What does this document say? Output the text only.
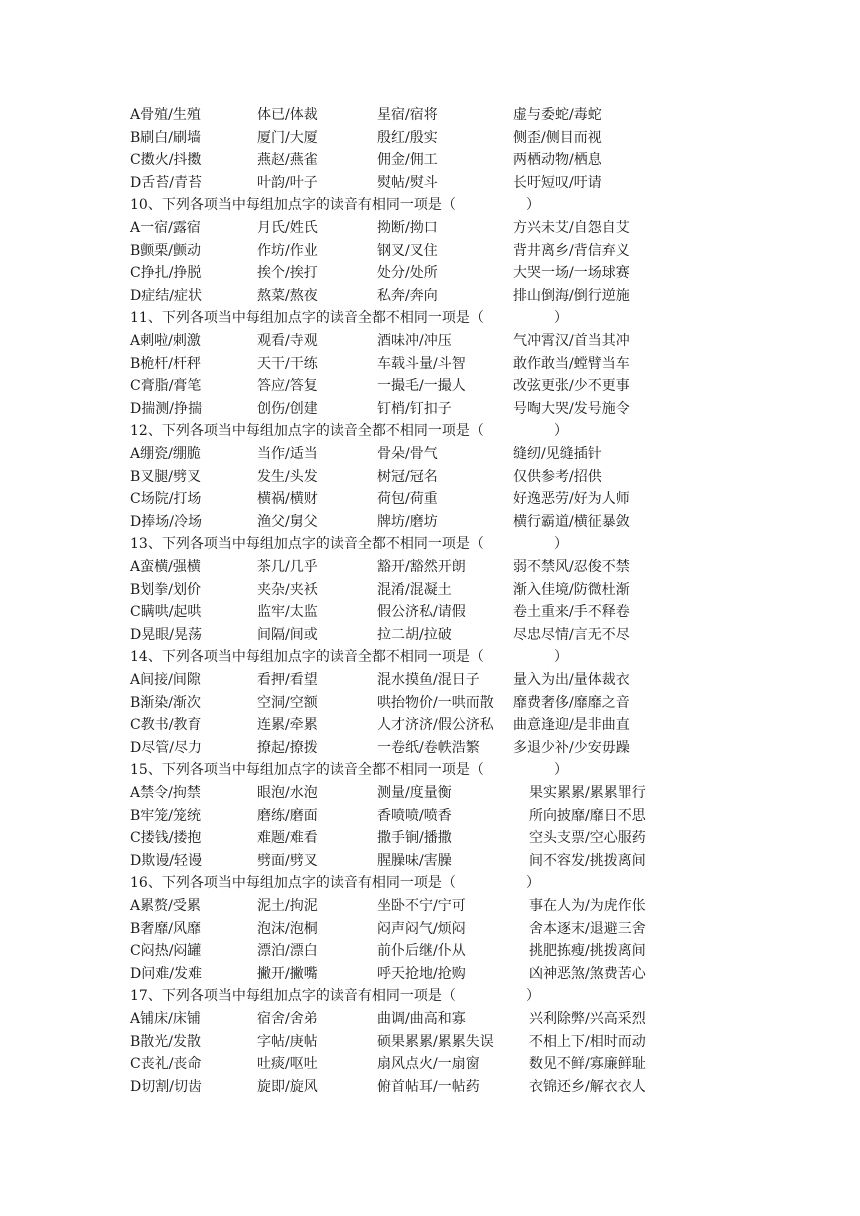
A骨殖/生殖	体已/体裁	星宿/宿将	虚与委蛇/毒蛇
B刷白/刷墙	厦门/大厦	殷红/殷实	侧歪/侧目而视
C擞火/抖擞	燕赵/燕雀	佣金/佣工	两栖动物/栖息
D舌苔/青苔	叶韵/叶子	熨帖/熨斗	长吁短叹/吁请
10、下列各项当中每组加点字的读音有相同一项是（	）
A一宿/露宿	月氏/姓氏	拗断/拗口	方兴未艾/自怨自艾
B颤栗/颤动	作坊/作业	钢叉/叉住	背井离乡/背信弃义
C挣扎/挣脱	挨个/挨打	处分/处所	大哭一场/一场球赛
D症结/症状	熬菜/熬夜	私奔/奔向	排山倒海/倒行逆施
11、下列各项当中每组加点字的读音全都不相同一项是（	）
A刺啦/刺激	观看/寺观	酒味冲/冲压	气冲霄汉/首当其冲
B桅杆/杆秤	天干/干练	车载斗量/斗智	敢作敢当/螳臂当车
C膏脂/膏笔	答应/答复	一撮毛/一撮人	改弦更张/少不更事
D揣测/挣揣	创伤/创建	钉梢/钉扣子	号啕大哭/发号施令
12、下列各项当中每组加点字的读音全都不相同一项是（	）
A绷瓷/绷脆	当作/适当	骨朵/骨气	缝纫/见缝插针
B叉腿/劈叉	发生/头发	树冠/冠名	仅供参考/招供
C场院/打场	横祸/横财	荷包/荷重	好逸恶劳/好为人师
D捧场/冷场	渔父/舅父	牌坊/磨坊	横行霸道/横征暴敛
13、下列各项当中每组加点字的读音全都不相同一项是（	）
A蛮横/强横	茶几/几乎	豁开/豁然开朗	弱不禁风/忍俊不禁
B划拳/划价	夹杂/夹袄	混淆/混凝土	渐入佳境/防微杜渐
C瞒哄/起哄	监牢/太监	假公济私/请假	卷土重来/手不释卷
D晃眼/晃荡	间隔/间或	拉二胡/拉破	尽忠尽情/言无不尽
14、下列各项当中每组加点字的读音全都不相同一项是（	）
A间接/间隙	看押/看望	混水摸鱼/混日子 量入为出/量体裁衣
B渐染/渐次	空洞/空额	哄抬物价/一哄而散 靡费奢侈/靡靡之音
C教书/教育	连累/牵累	人才济济/假公济私 曲意逢迎/是非曲直
D尽管/尽力	撩起/撩拨	一卷纸/卷帙浩繁 多退少补/少安毋躁
15、下列各项当中每组加点字的读音全都不相同一项是（	）
A禁令/拘禁	眼泡/水泡	测量/度量衡	果实累累/累累罪行
B牢笼/笼统	磨练/磨面	香喷喷/喷香	所向披靡/靡日不思
C搂钱/搂抱	难题/难看	撒手锏/播撒	空头支票/空心服药
D欺谩/轻谩	劈面/劈叉	腥臊味/害臊	间不容发/挑拨离间
16、下列各项当中每组加点字的读音有相同一项是（	）
A累赘/受累	泥土/拘泥	坐卧不宁/宁可	事在人为/为虎作伥
B奢靡/风靡	泡沫/泡桐	闷声闷气/烦闷	舍本逐末/退避三舍
C闷热/闷罐	漂泊/漂白	前仆后继/仆从	挑肥拣瘦/挑拨离间
D问难/发难	撇开/撇嘴	呼天抢地/抢购	凶神恶煞/煞费苦心
17、下列各项当中每组加点字的读音有相同一项是（	）
A铺床/床铺	宿舍/舍弟	曲调/曲高和寡	兴利除弊/兴高采烈
B散光/发散	字帖/庚帖	硕果累累/累累失误	不相上下/相时而动
C丧礼/丧命	吐痰/呕吐	扇风点火/一扇窗	数见不鲜/寡廉鲜耻
D切割/切齿	旋即/旋风	俯首帖耳/一帖药	衣锦还乡/解衣衣人
